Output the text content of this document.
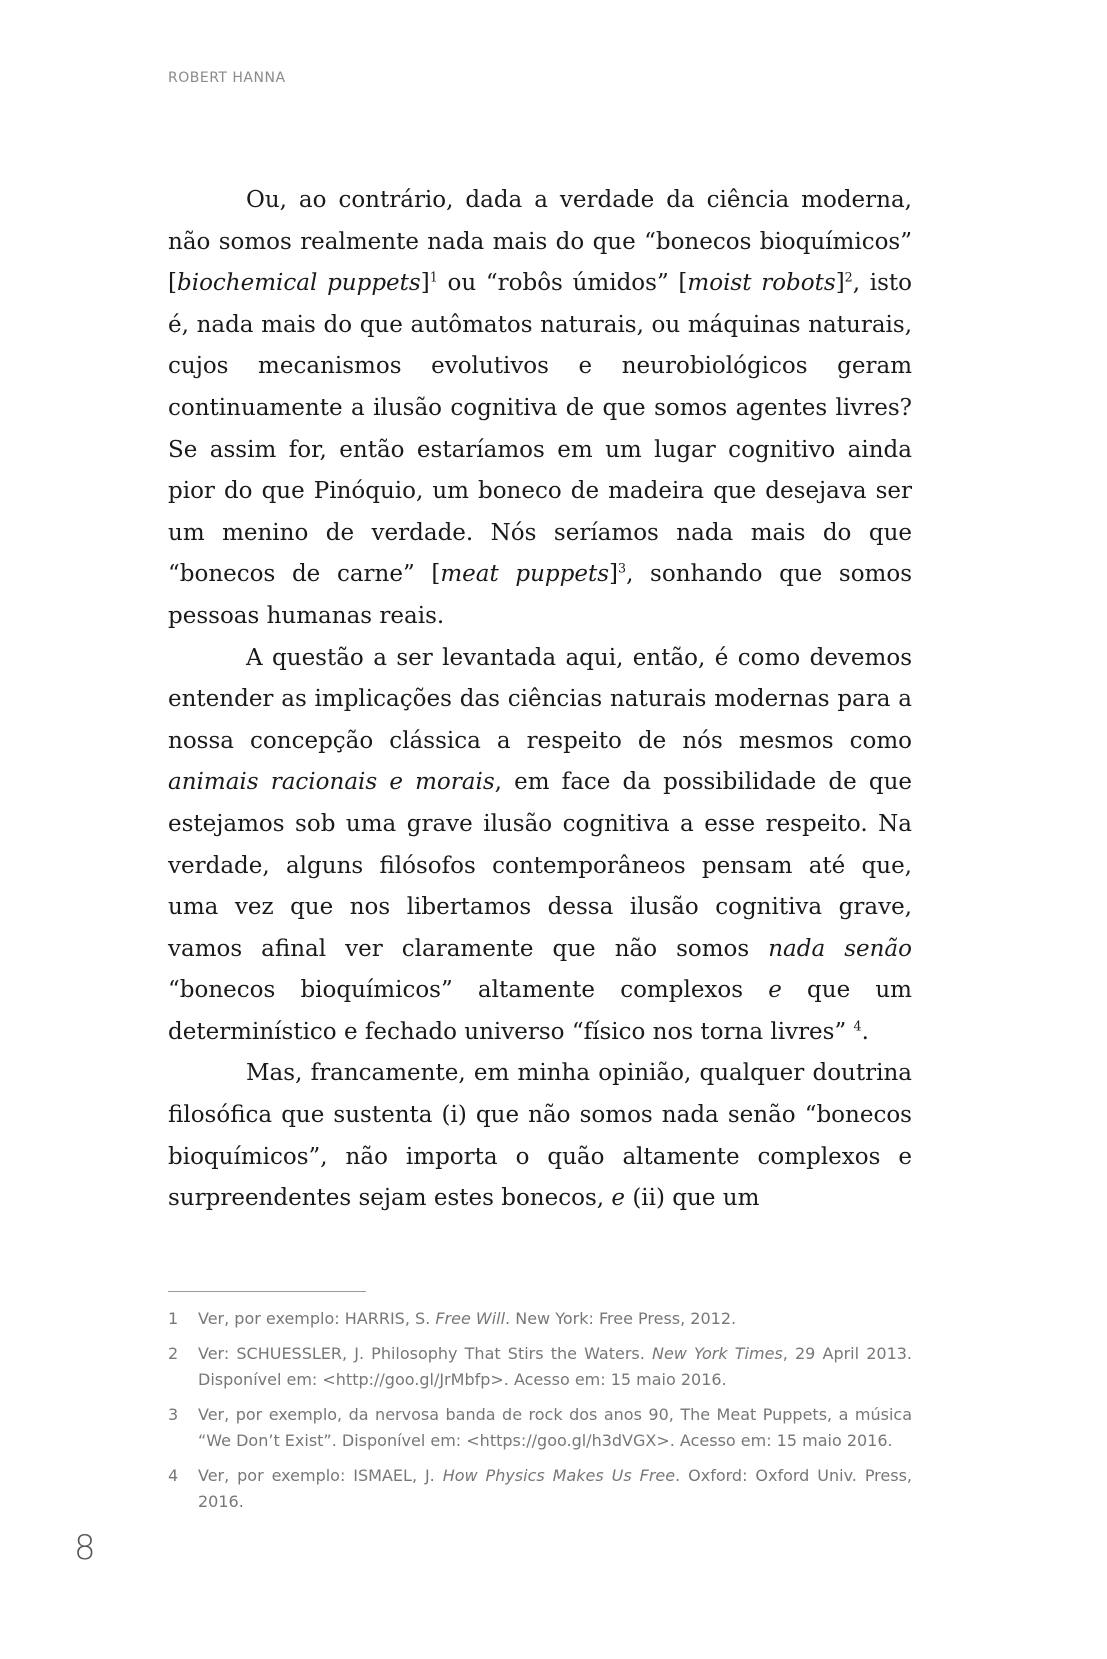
ROBERT HANNA

Ou, ao contrário, dada a verdade da ciência moderna, não somos realmente nada mais do que “bonecos bioquímicos” [biochemical puppets]$^1$ ou “robôs úmidos” [moist robots]$^2$, isto é, nada mais do que autômatos naturais, ou máquinas naturais, cujos mecanismos evolutivos e neurobiológicos geram continuamente a ilusão cognitiva de que somos agentes livres? Se assim for, então estaríamos em um lugar cognitivo ainda pior do que Pinóquio, um boneco de madeira que desejava ser um menino de verdade. Nós seríamos nada mais do que “bonecos de carne” [meat puppets]$^3$, sonhando que somos pessoas humanas reais.

A questão a ser levantada aqui, então, é como devemos entender as implicações das ciências naturais modernas para a nossa concepção clássica a respeito de nós mesmos como animais racionais e morais, em face da possibilidade de que estejamos sob uma grave ilusão cognitiva a esse respeito. Na verdade, alguns filósofos contemporâneos pensam até que, uma vez que nos libertamos dessa ilusão cognitiva grave, vamos afinal ver claramente que não somos nada senão “bonecos bioquímicos” altamente complexos e que um determinístico e fechado universo “físico nos torna livres” $^4$.

Mas, francamente, em minha opinião, qualquer doutrina filosófica que sustenta (i) que não somos nada senão “bonecos bioquímicos”, não importa o quão altamente complexos e surpreendentes sejam estes bonecos, e (ii) que um

1	Ver, por exemplo: HARRIS, S. Free Will. New York: Free Press, 2012.
2	Ver: SCHUESSLER, J. Philosophy That Stirs the Waters. New York Times, 29 April 2013. Disponível em: <http://goo.gl/JrMbfp>. Acesso em: 15 maio 2016.
3	Ver, por exemplo, da nervosa banda de rock dos anos 90, The Meat Puppets, a música “We Don’t Exist”. Disponível em: <https://goo.gl/h3dVGX>. Acesso em: 15 maio 2016.
4	Ver, por exemplo: ISMAEL, J. How Physics Makes Us Free. Oxford: Oxford Univ. Press, 2016.
8
